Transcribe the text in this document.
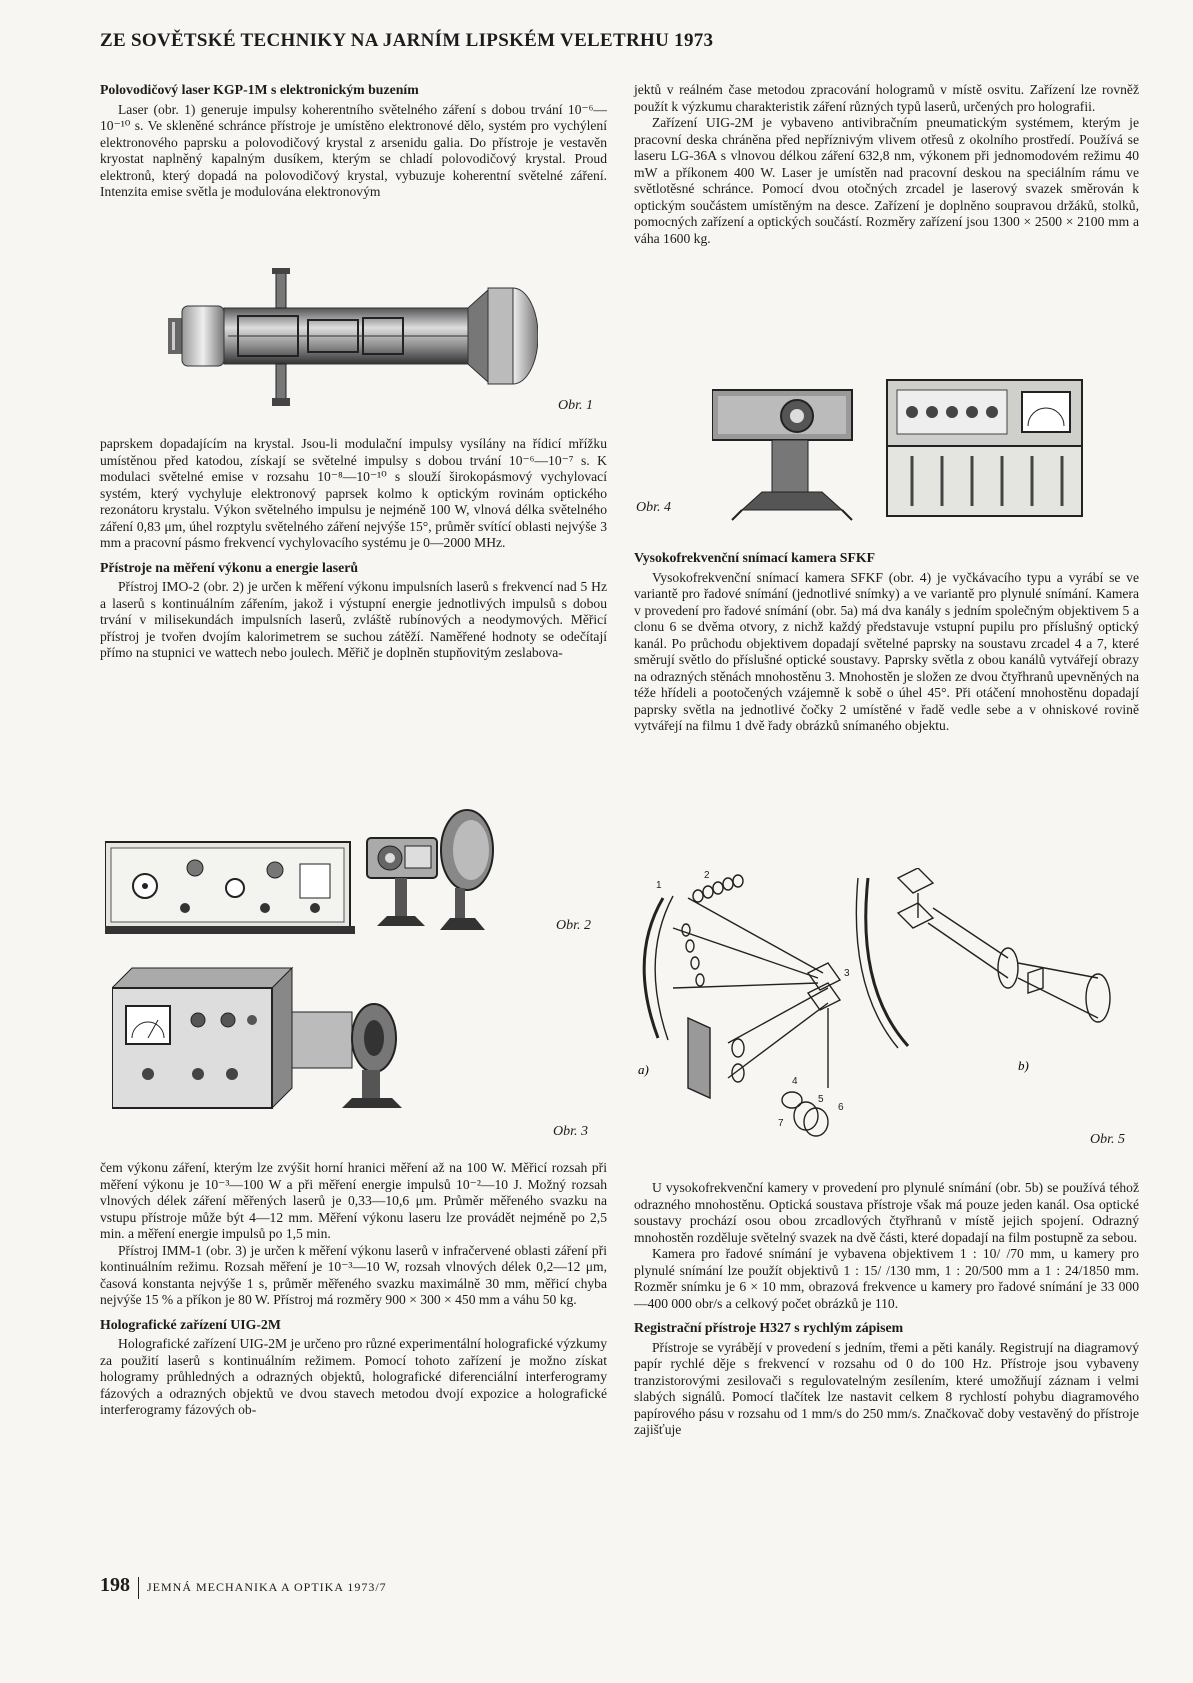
ZE SOVĚTSKÉ TECHNIKY NA JARNÍM LIPSKÉM VELETRHU 1973
Polovodičový laser KGP-1M s elektronickým buzením

Laser (obr. 1) generuje impulsy koherentního světelného záření s dobou trvání 10⁻⁶—10⁻¹⁰ s. Ve skleněné schránce přístroje je umístěno elektronové dělo, systém pro vychýlení elektronového paprsku a polovodičový krystal z arsenidu galia. Do přístroje je vestavěn kryostat naplněný kapalným dusíkem, kterým se chladí polovodičový krystal. Proud elektronů, který dopadá na polovodičový krystal, vybuzuje koherentní světelné záření. Intenzita emise světla je modulována elektronovým

Obr. 1

paprskem dopadajícím na krystal. Jsou-li modulační impulsy vysílány na řídicí mřížku umístěnou před katodou, získají se světelné impulsy s dobou trvání 10⁻⁶—10⁻⁷ s. K modulaci světelné emise v rozsahu 10⁻⁸—10⁻¹⁰ s slouží širokopásmový vychylovací systém, který vychyluje elektronový paprsek kolmo k optickým rovinám optického rezonátoru krystalu. Výkon světelného impulsu je nejméně 100 W, vlnová délka světelného záření 0,83 μm, úhel rozptylu světelného záření nejvýše 15°, průměr svítící oblasti nejvýše 3 mm a pracovní pásmo frekvencí vychylovacího systému je 0—2000 MHz.

Přístroje na měření výkonu a energie laserů

Přístroj IMO-2 (obr. 2) je určen k měření výkonu impulsních laserů s frekvencí nad 5 Hz a laserů s kontinuálním zářením, jakož i výstupní energie jednotlivých impulsů s dobou trvání v milisekundách impulsních laserů, zvláště rubínových a neodymových. Měřicí přístroj je tvořen dvojím kalorimetrem se suchou zátěží. Naměřené hodnoty se odečítají přímo na stupnici ve wattech nebo joulech. Měřič je doplněn stupňovitým zeslabova-

Obr. 2
Obr. 3

čem výkonu záření, kterým lze zvýšit horní hranici měření až na 100 W. Měřicí rozsah při měření výkonu je 10⁻³—100 W a při měření energie impulsů 10⁻²—10 J. Možný rozsah vlnových délek záření měřených laserů je 0,33—10,6 μm. Průměr měřeného svazku na vstupu přístroje může být 4—12 mm. Měření výkonu laseru lze provádět nejméně po 2,5 min. a měření energie impulsů po 1,5 min.

Přístroj IMM-1 (obr. 3) je určen k měření výkonu laserů v infračervené oblasti záření při kontinuálním režimu. Rozsah měření je 10⁻³—10 W, rozsah vlnových délek 0,2—12 μm, časová konstanta nejvýše 1 s, průměr měřeného svazku maximálně 30 mm, měřicí chyba nejvýše 15 % a příkon je 80 W. Přístroj má rozměry 900 × 300 × 450 mm a váhu 50 kg.

Holografické zařízení UIG-2M

Holografické zařízení UIG-2M je určeno pro různé experimentální holografické výzkumy za použití laserů s kontinuálním režimem. Pomocí tohoto zařízení je možno získat hologramy průhledných a odrazných objektů, holografické diferenciální interferogramy fázových a odrazných objektů ve dvou stavech metodou dvojí expozice a holografické interferogramy fázových ob-

jektů v reálném čase metodou zpracování hologramů v místě osvitu. Zařízení lze rovněž použít k výzkumu charakteristik záření různých typů laserů, určených pro holografii.

Zařízení UIG-2M je vybaveno antivibračním pneumatickým systémem, kterým je pracovní deska chráněna před nepříznivým vlivem otřesů z okolního prostředí. Používá se laseru LG-36A s vlnovou délkou záření 632,8 nm, výkonem při jednomodovém režimu 40 mW a příkonem 400 W. Laser je umístěn nad pracovní deskou na speciálním rámu ve světlotěsné schránce. Pomocí dvou otočných zrcadel je laserový svazek směrován k optickým součástem umístěným na desce. Zařízení je doplněno soupravou držáků, stolků, pomocných zařízení a optických součástí. Rozměry zařízení jsou 1300 × 2500 × 2100 mm a váha 1600 kg.

Obr. 4
Vysokofrekvenční snímací kamera SFKF

Vysokofrekvenční snímací kamera SFKF (obr. 4) je vyčkávacího typu a vyrábí se ve variantě pro řadové snímání (jednotlivé snímky) a ve variantě pro plynulé snímání. Kamera v provedení pro řadové snímání (obr. 5a) má dva kanály s jedním společným objektivem 5 a clonu 6 se dvěma otvory, z nichž každý představuje vstupní pupilu pro příslušný optický kanál. Po průchodu objektivem dopadají světelné paprsky na soustavu zrcadel 4 a 7, které směrují světlo do příslušné optické soustavy. Paprsky světla z obou kanálů vytvářejí obrazy na odrazných stěnách mnohostěnu 3. Mnohostěn je složen ze dvou čtyřhranů upevněných na téže hřídeli a pootočených vzájemně k sobě o úhel 45°. Při otáčení mnohostěnu dopadají paprsky světla na jednotlivé čočky 2 umístěné v řadě vedle sebe a v ohniskové rovině vytvářejí na filmu 1 dvě řady obrázků snímaného objektu.

1
2
3
4
5
6
7
a)	b)
Obr. 5

U vysokofrekvenční kamery v provedení pro plynulé snímání (obr. 5b) se používá téhož odrazného mnohostěnu. Optická soustava přístroje však má pouze jeden kanál. Osa optické soustavy prochází osou obou zrcadlových čtyřhranů v místě jejich spojení. Odrazný mnohostěn rozděluje světelný svazek na dvě části, které dopadají na film postupně za sebou.

Kamera pro řadové snímání je vybavena objektivem 1 : 10/ /70 mm, u kamery pro plynulé snímání lze použít objektivů 1 : 15/ /130 mm, 1 : 20/500 mm a 1 : 24/1850 mm. Rozměr snímku je 6 × 10 mm, obrazová frekvence u kamery pro řadové snímání je 33 000—400 000 obr/s a celkový počet obrázků je 110.

Registrační přístroje H327 s rychlým zápisem

Přístroje se vyrábějí v provedení s jedním, třemi a pěti kanály. Registrují na diagramový papír rychlé děje s frekvencí v rozsahu od 0 do 100 Hz. Přístroje jsou vybaveny tranzistorovými zesilovači s regulovatelným zesílením, které umožňují záznam i velmi slabých signálů. Pomocí tlačítek lze nastavit celkem 8 rychlostí pohybu diagramového papírového pásu v rozsahu od 1 mm/s do 250 mm/s. Značkovač doby vestavěný do přístroje zajišťuje

198 JEMNÁ MECHANIKA A OPTIKA 1973/7
